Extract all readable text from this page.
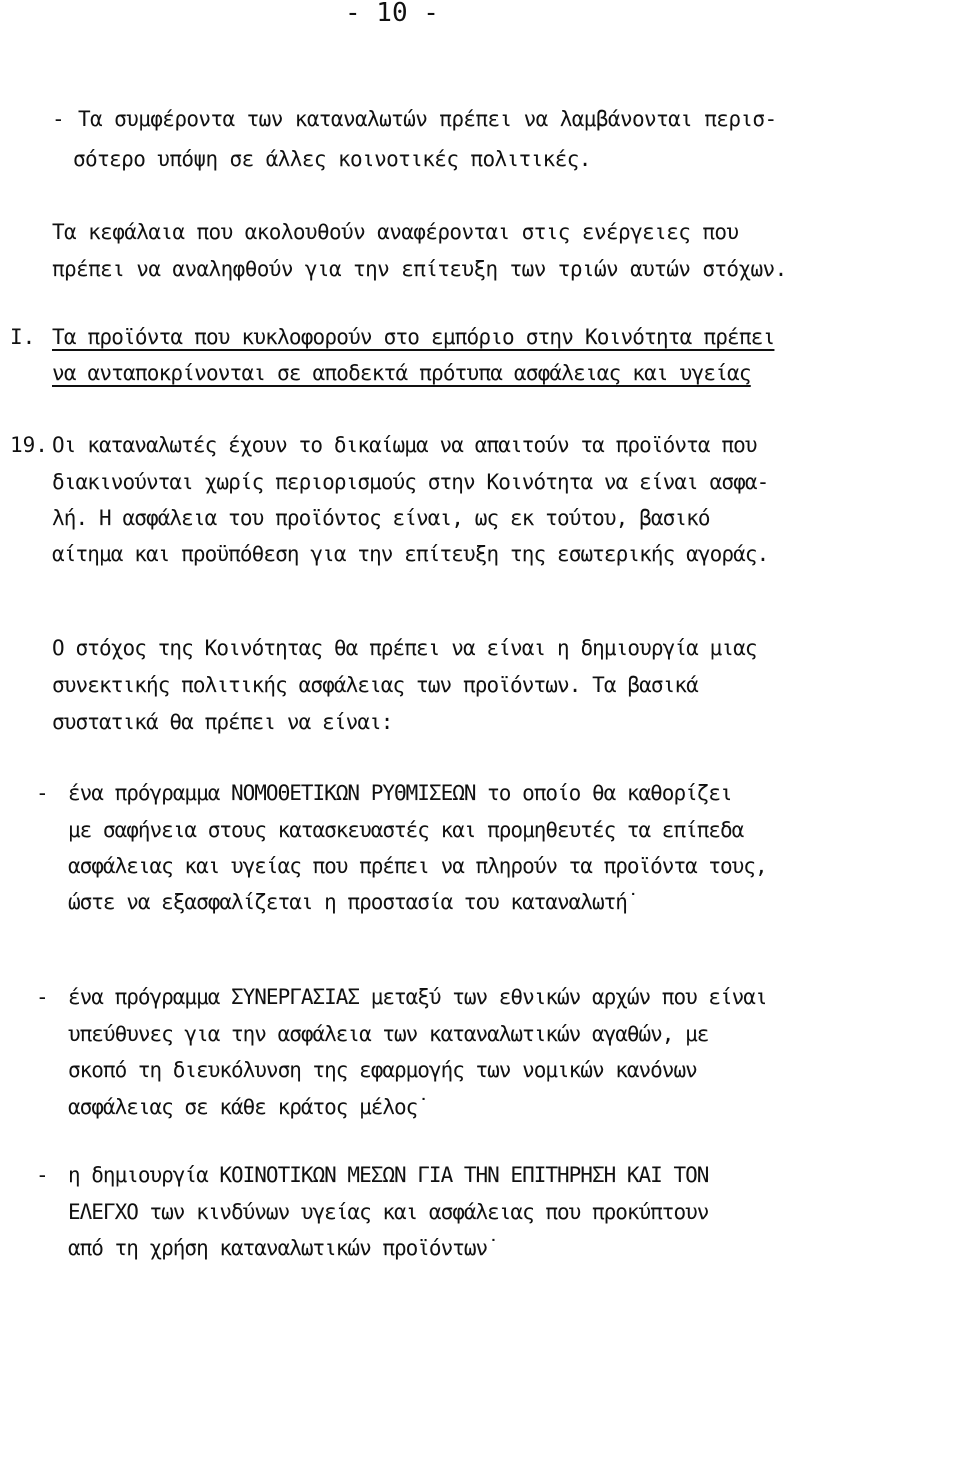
- 10 -
- Τα συμφέροντα των καταναλωτών πρέπει να λαμβάνονται περισ-
σότερο υπόψη σε άλλες κοινοτικές πολιτικές.
Τα κεφάλαια που ακολουθούν αναφέρονται στις ενέργειες που
πρέπει να αναληφθούν για την επίτευξη των τριών αυτών στόχων.
I. Τα προϊόντα που κυκλοφορούν στο εμπόριο στην Κοινότητα πρέπει
να ανταποκρίνονται σε αποδεκτά πρότυπα ασφάλειας και υγείας
19. Οι καταναλωτές έχουν το δικαίωμα να απαιτούν τα προϊόντα που
διακινούνται χωρίς περιορισμούς στην Κοινότητα να είναι ασφα-
λή. Η ασφάλεια του προϊόντος είναι, ως εκ τούτου, βασικό
αίτημα και προϋπόθεση για την επίτευξη της εσωτερικής αγοράς.
Ο στόχος της Κοινότητας θα πρέπει να είναι η δημιουργία μιας
συνεκτικής πολιτικής ασφάλειας των προϊόντων. Τα βασικά
συστατικά θα πρέπει να είναι:
- ένα πρόγραμμα ΝΟΜΟΘΕΤΙΚΩΝ ΡΥΘΜΙΣΕΩΝ το οποίο θα καθορίζει
με σαφήνεια στους κατασκευαστές και προμηθευτές τα επίπεδα
ασφάλειας και υγείας που πρέπει να πληρούν τα προϊόντα τους,
ώστε να εξασφαλίζεται η προστασία του καταναλωτή˙
- ένα πρόγραμμα ΣΥΝΕΡΓΑΣΙΑΣ μεταξύ των εθνικών αρχών που είναι
υπεύθυνες για την ασφάλεια των καταναλωτικών αγαθών, με
σκοπό τη διευκόλυνση της εφαρμογής των νομικών κανόνων
ασφάλειας σε κάθε κράτος μέλος˙
- η δημιουργία ΚΟΙΝΟΤΙΚΩΝ ΜΕΣΩΝ ΓΙΑ ΤΗΝ ΕΠΙΤΗΡΗΣΗ ΚΑΙ ΤΟΝ
ΕΛΕΓΧΟ των κινδύνων υγείας και ασφάλειας που προκύπτουν
από τη χρήση καταναλωτικών προϊόντων˙
